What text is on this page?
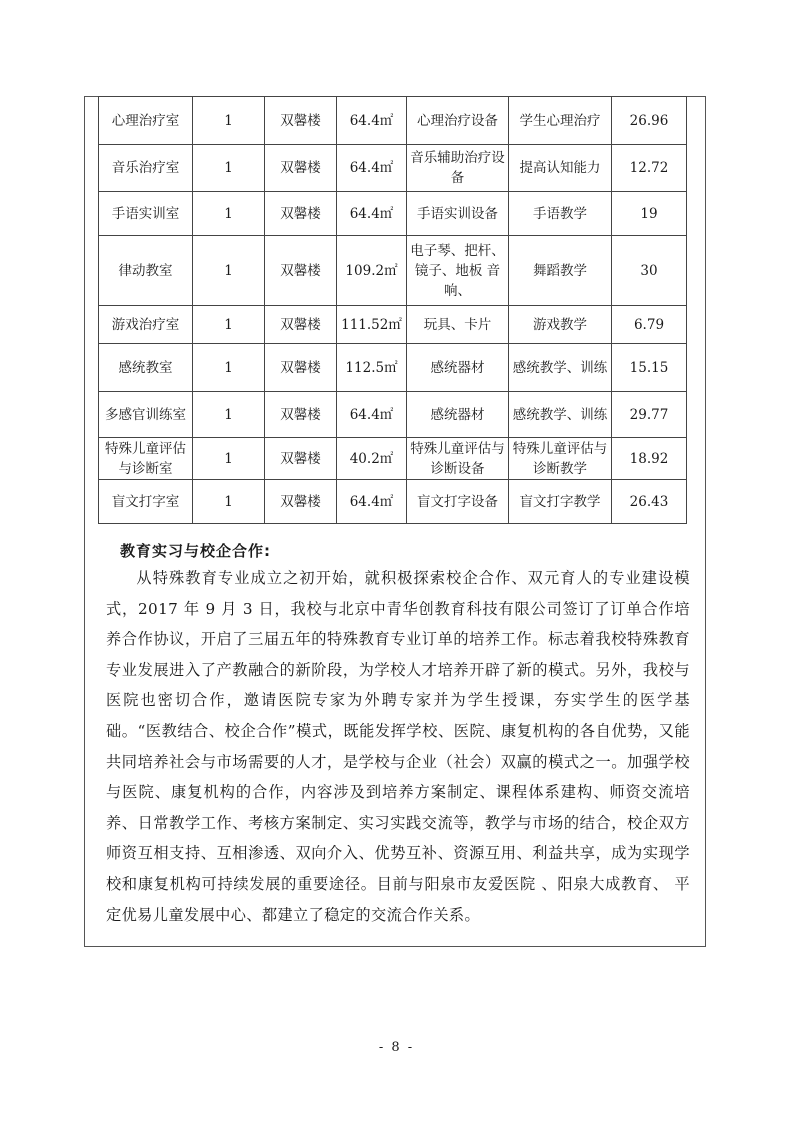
心理治疗室	1	双馨楼	64.4㎡	心理治疗设备	学生心理治疗	26.96
音乐治疗室	1	双馨楼	64.4㎡	音乐辅助治疗设备	提高认知能力	12.72
手语实训室	1	双馨楼	64.4㎡	手语实训设备	手语教学	19
律动教室	1	双馨楼	109.2㎡	电子琴、把杆、镜子、地板 音响、	舞蹈教学	30
游戏治疗室	1	双馨楼	111.52㎡	玩具、卡片	游戏教学	6.79
感统教室	1	双馨楼	112.5㎡	感统器材	感统教学、训练	15.15
多感官训练室	1	双馨楼	64.4㎡	感统器材	感统教学、训练	29.77
特殊儿童评估与诊断室	1	双馨楼	40.2㎡	特殊儿童评估与诊断设备	特殊儿童评估与诊断教学	18.92
盲文打字室	1	双馨楼	64.4㎡	盲文打字设备	盲文打字教学	26.43
教育实习与校企合作:

从特殊教育专业成立之初开始，就积极探索校企合作、双元育人的专业建设模式，2017 年 9 月 3 日，我校与北京中青华创教育科技有限公司签订了订单合作培养合作协议，开启了三届五年的特殊教育专业订单的培养工作。标志着我校特殊教育专业发展进入了产教融合的新阶段，为学校人才培养开辟了新的模式。另外，我校与医院也密切合作，邀请医院专家为外聘专家并为学生授课，夯实学生的医学基础。“医教结合、校企合作”模式，既能发挥学校、医院、康复机构的各自优势，又能共同培养社会与市场需要的人才，是学校与企业（社会）双赢的模式之一。加强学校与医院、康复机构的合作，内容涉及到培养方案制定、课程体系建构、师资交流培养、日常教学工作、考核方案制定、实习实践交流等，教学与市场的结合，校企双方师资互相支持、互相渗透、双向介入、优势互补、资源互用、利益共享，成为实现学校和康复机构可持续发展的重要途径。目前与阳泉市友爱医院 、阳泉大成教育、 平定优易儿童发展中心、都建立了稳定的交流合作关系。

- 8 -
